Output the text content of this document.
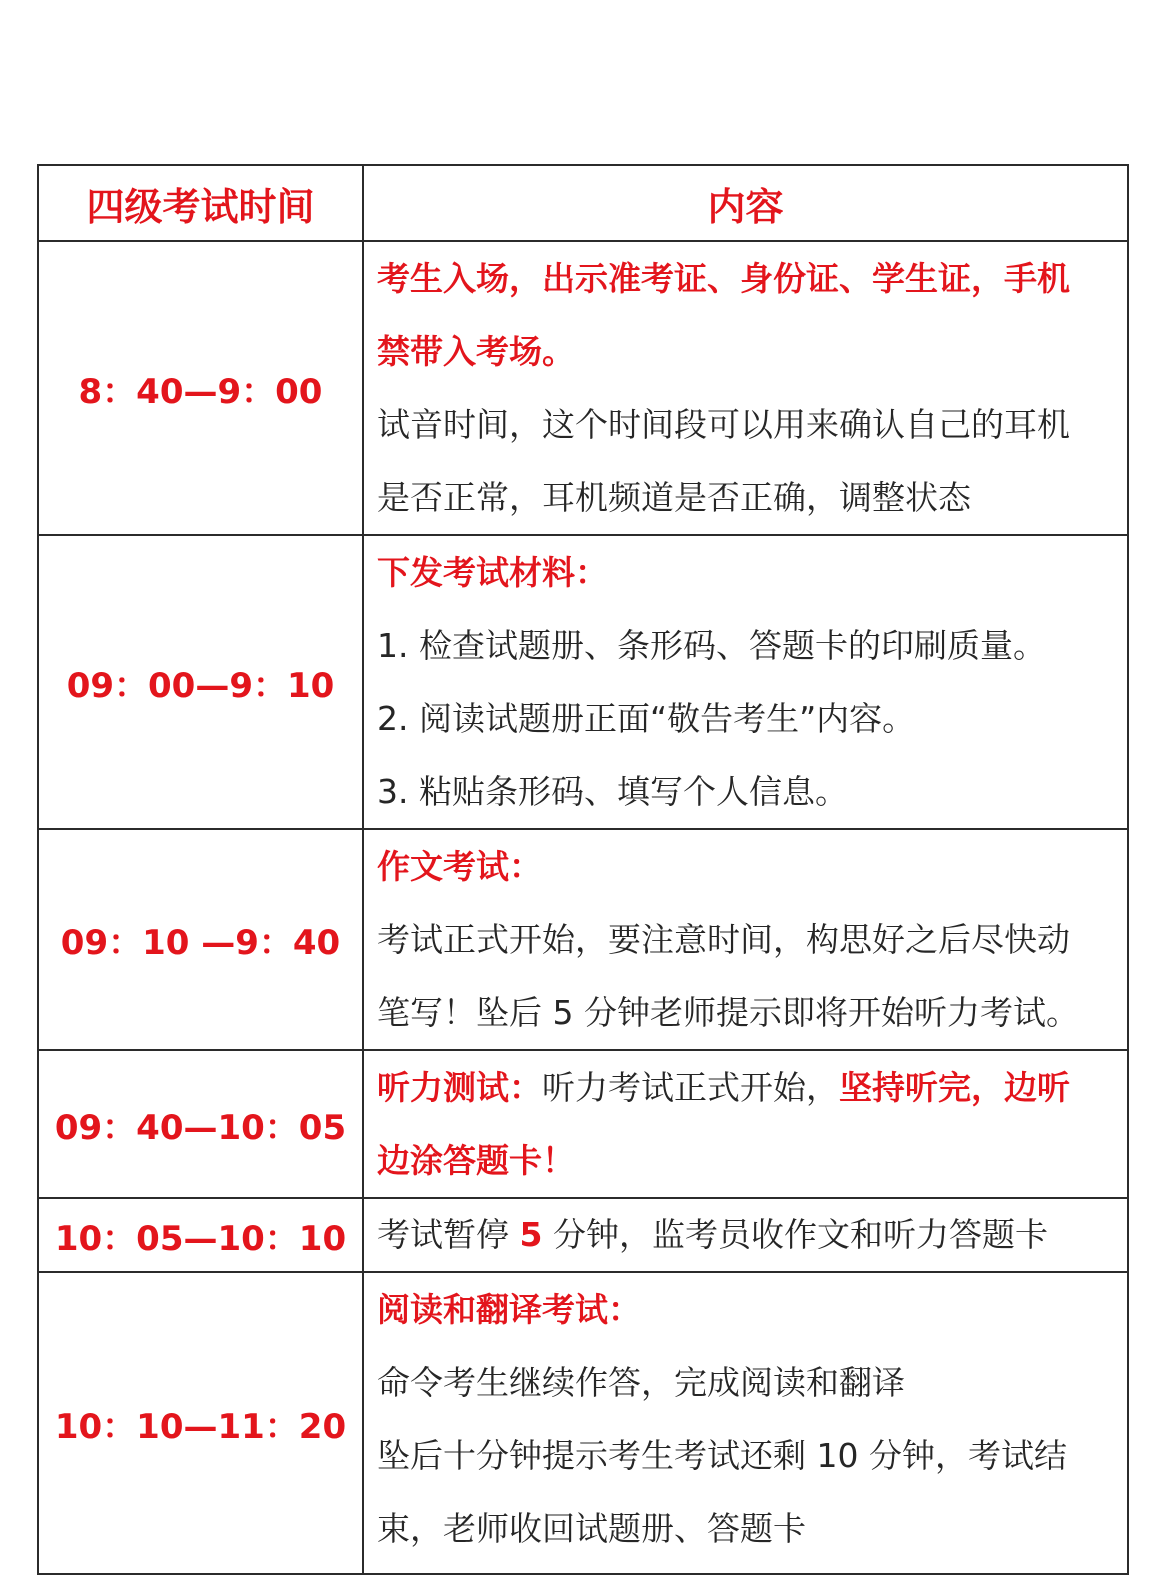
四级考试时间	内容
8：40—9：00	考生入场，出示准考证、身份证、学生证，手机
禁带入考场。
试音时间，这个时间段可以用来确认自己的耳机
是否正常，耳机频道是否正确，调整状态

09：00—9：10	下发考试材料：
1. 检查试题册、条形码、答题卡的印刷质量。
2. 阅读试题册正面“敬告考生”内容。
3. 粘贴条形码、填写个人信息。

09：10 —9：40	作文考试：
考试正式开始，要注意时间，构思好之后尽快动
笔写！坠后 5 分钟老师提示即将开始听力考试。

09：40—10：05	听力测试：听力考试正式开始，坚持听完，边听
边涂答题卡！

10：05—10：10	考试暂停 5 分钟，监考员收作文和听力答题卡

10：10—11：20	阅读和翻译考试：
命令考生继续作答，完成阅读和翻译
坠后十分钟提示考生考试还剩 10 分钟，考试结
束，老师收回试题册、答题卡
